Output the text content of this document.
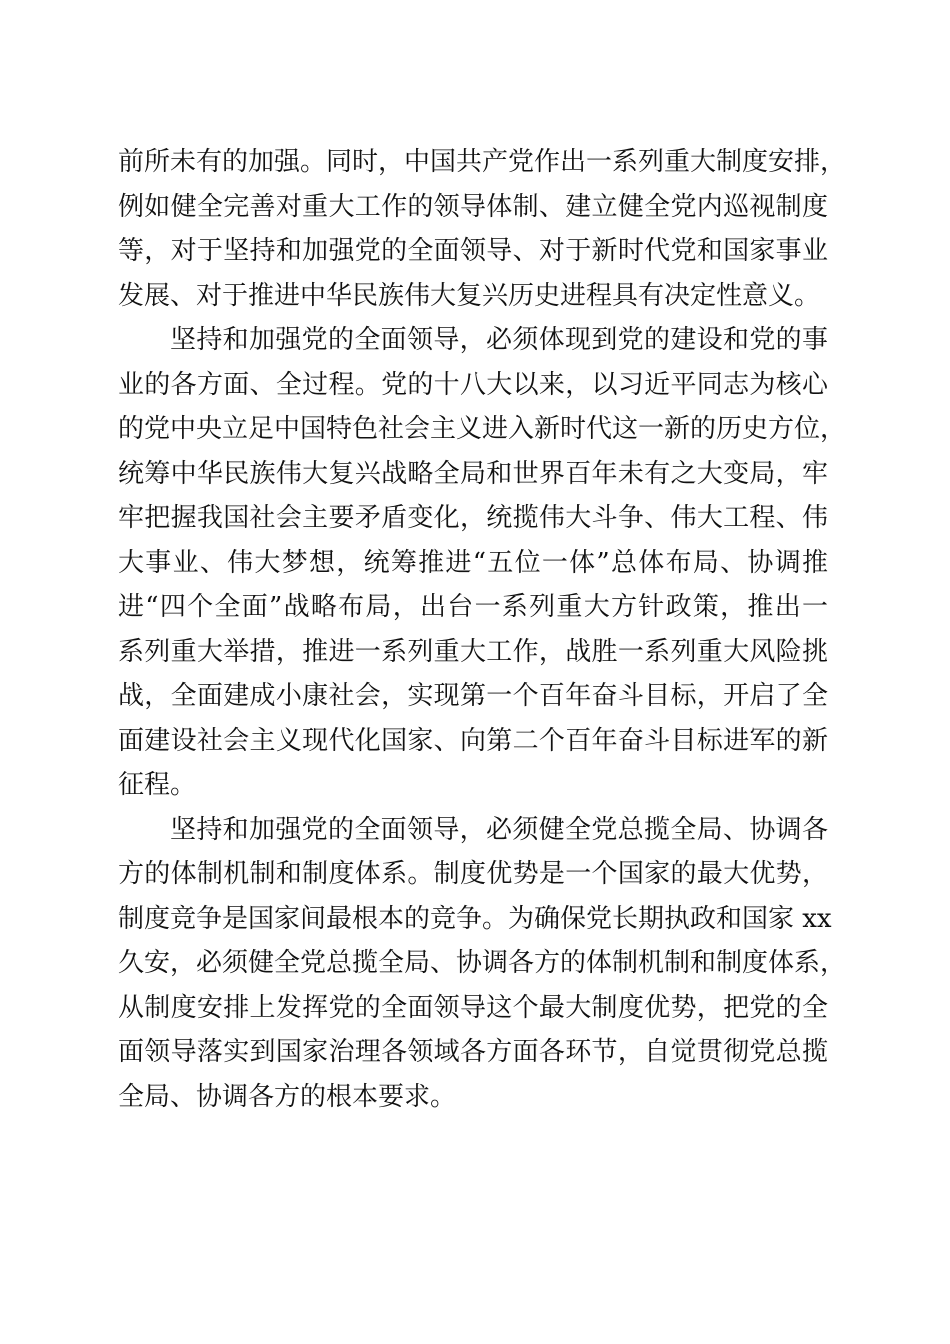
前所未有的加强。同时，中国共产党作出一系列重大制度安排，
例如健全完善对重大工作的领导体制、建立健全党内巡视制度
等，对于坚持和加强党的全面领导、对于新时代党和国家事业
发展、对于推进中华民族伟大复兴历史进程具有决定性意义。
坚持和加强党的全面领导，必须体现到党的建设和党的事
业的各方面、全过程。党的十八大以来，以习近平同志为核心
的党中央立足中国特色社会主义进入新时代这一新的历史方位，
统筹中华民族伟大复兴战略全局和世界百年未有之大变局，牢
牢把握我国社会主要矛盾变化，统揽伟大斗争、伟大工程、伟
大事业、伟大梦想，统筹推进“五位一体”总体布局、协调推
进“四个全面”战略布局，出台一系列重大方针政策，推出一
系列重大举措，推进一系列重大工作，战胜一系列重大风险挑
战，全面建成小康社会，实现第一个百年奋斗目标，开启了全
面建设社会主义现代化国家、向第二个百年奋斗目标进军的新
征程。
坚持和加强党的全面领导，必须健全党总揽全局、协调各
方的体制机制和制度体系。制度优势是一个国家的最大优势，
制度竞争是国家间最根本的竞争。为确保党长期执政和国家 xx
久安，必须健全党总揽全局、协调各方的体制机制和制度体系，
从制度安排上发挥党的全面领导这个最大制度优势，把党的全
面领导落实到国家治理各领域各方面各环节，自觉贯彻党总揽
全局、协调各方的根本要求。
